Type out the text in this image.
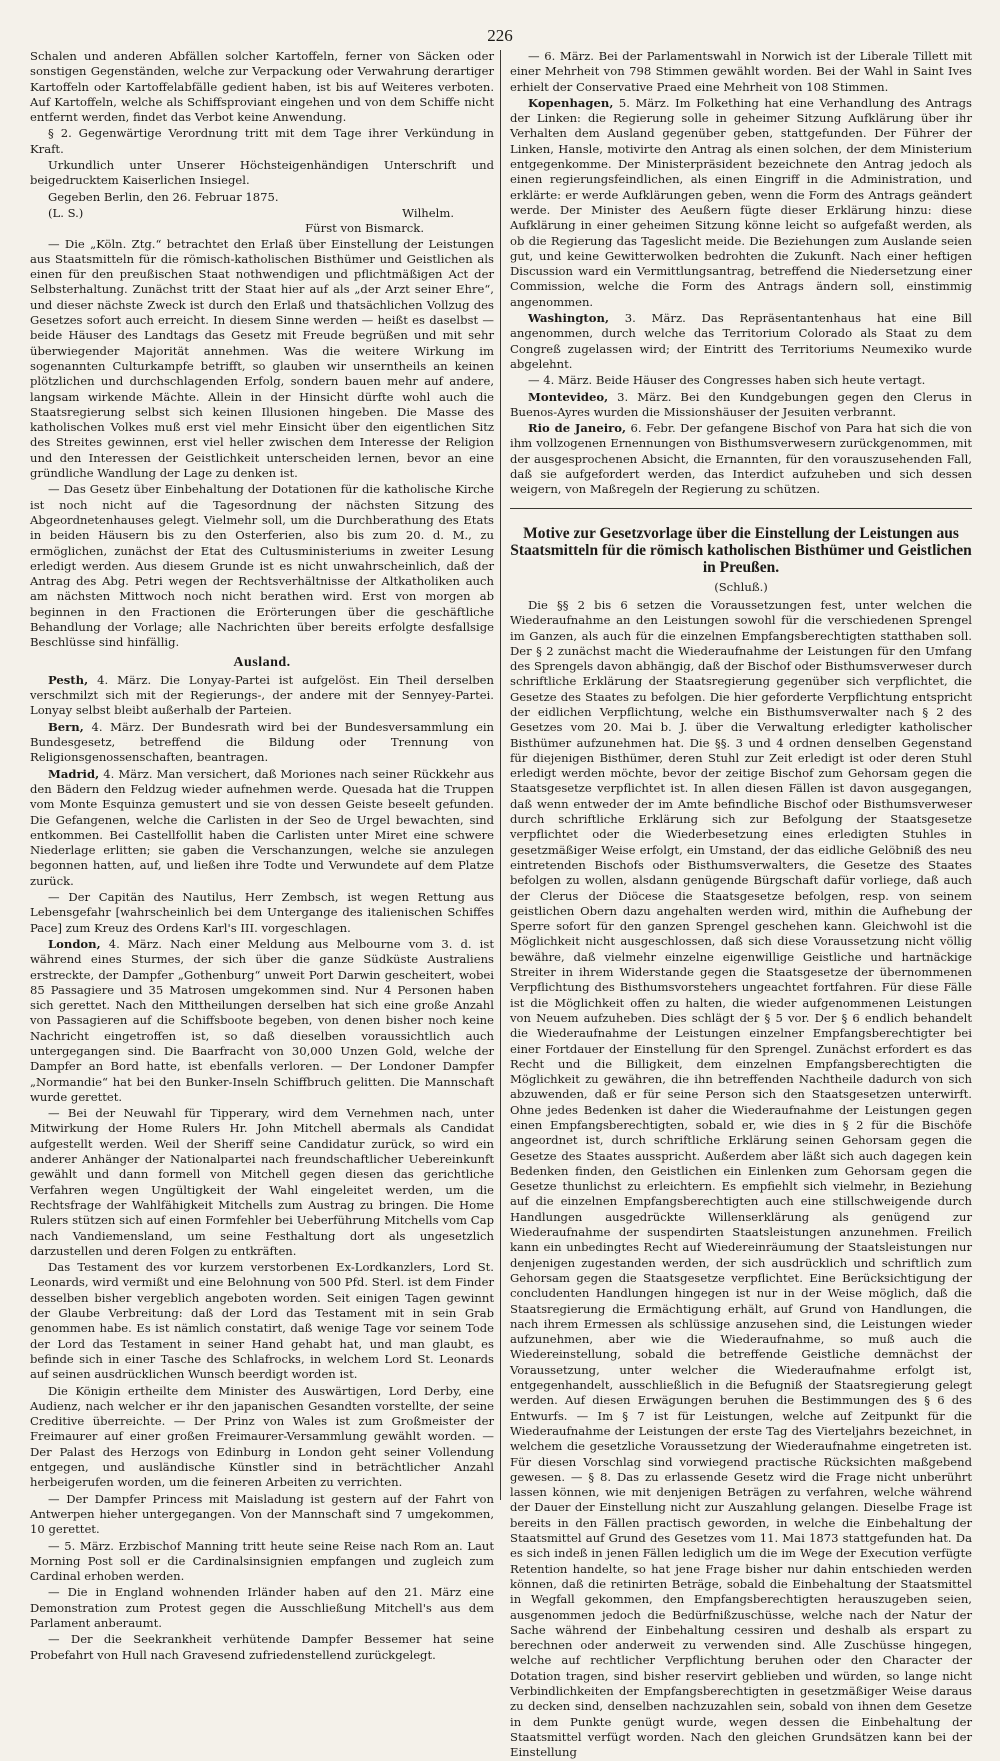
226

Schalen und anderen Abfällen solcher Kartoffeln, ferner von Säcken oder sonstigen Gegenständen, welche zur Verpackung oder Verwahrung derartiger Kartoffeln oder Kartoffelabfälle gedient haben, ist bis auf Weiteres verboten. Auf Kartoffeln, welche als Schiffsproviant eingehen und von dem Schiffe nicht entfernt werden, findet das Verbot keine Anwendung.

§ 2. Gegenwärtige Verordnung tritt mit dem Tage ihrer Verkündung in Kraft.

Urkundlich unter Unserer Höchsteigenhändigen Unterschrift und beigedrucktem Kaiserlichen Insiegel.

Gegeben Berlin, den 26. Februar 1875.

(L. S.)	Wilhelm.
Fürst von Bismarck.

— Die „Köln. Ztg.“ betrachtet den Erlaß über Einstellung der Leistungen aus Staatsmitteln für die römisch-katholischen Bisthümer und Geistlichen als einen für den preußischen Staat nothwendigen und pflichtmäßigen Act der Selbsterhaltung. Zunächst tritt der Staat hier auf als „der Arzt seiner Ehre“, und dieser nächste Zweck ist durch den Erlaß und thatsächlichen Vollzug des Gesetzes sofort auch erreicht. In diesem Sinne werden — heißt es daselbst — beide Häuser des Landtags das Gesetz mit Freude begrüßen und mit sehr überwiegender Majorität annehmen. Was die weitere Wirkung im sogenannten Culturkampfe betrifft, so glauben wir unserntheils an keinen plötzlichen und durchschlagenden Erfolg, sondern bauen mehr auf andere, langsam wirkende Mächte. Allein in der Hinsicht dürfte wohl auch die Staatsregierung selbst sich keinen Illusionen hingeben. Die Masse des katholischen Volkes muß erst viel mehr Einsicht über den eigentlichen Sitz des Streites gewinnen, erst viel heller zwischen dem Interesse der Religion und den Interessen der Geistlichkeit unterscheiden lernen, bevor an eine gründliche Wandlung der Lage zu denken ist.

— Das Gesetz über Einbehaltung der Dotationen für die katholische Kirche ist noch nicht auf die Tagesordnung der nächsten Sitzung des Abgeordnetenhauses gelegt. Vielmehr soll, um die Durchberathung des Etats in beiden Häusern bis zu den Osterferien, also bis zum 20. d. M., zu ermöglichen, zunächst der Etat des Cultusministeriums in zweiter Lesung erledigt werden. Aus diesem Grunde ist es nicht unwahrscheinlich, daß der Antrag des Abg. Petri wegen der Rechtsverhältnisse der Altkatholiken auch am nächsten Mittwoch noch nicht berathen wird. Erst von morgen ab beginnen in den Fractionen die Erörterungen über die geschäftliche Behandlung der Vorlage; alle Nachrichten über bereits erfolgte desfallsige Beschlüsse sind hinfällig.

Ausland.

Pesth, 4. März. Die Lonyay-Partei ist aufgelöst. Ein Theil derselben verschmilzt sich mit der Regierungs-, der andere mit der Sennyey-Partei. Lonyay selbst bleibt außerhalb der Parteien.

Bern, 4. März. Der Bundesrath wird bei der Bundesversammlung ein Bundesgesetz, betreffend die Bildung oder Trennung von Religionsgenossenschaften, beantragen.

Madrid, 4. März. Man versichert, daß Moriones nach seiner Rückkehr aus den Bädern den Feldzug wieder aufnehmen werde. Quesada hat die Truppen vom Monte Esquinza gemustert und sie von dessen Geiste beseelt gefunden. Die Gefangenen, welche die Carlisten in der Seo de Urgel bewachten, sind entkommen. Bei Castellfollit haben die Carlisten unter Miret eine schwere Niederlage erlitten; sie gaben die Verschanzungen, welche sie anzulegen begonnen hatten, auf, und ließen ihre Todte und Verwundete auf dem Platze zurück.

— Der Capitän des Nautilus, Herr Zembsch, ist wegen Rettung aus Lebensgefahr [wahrscheinlich bei dem Untergange des italienischen Schiffes Pace] zum Kreuz des Ordens Karl's III. vorgeschlagen.

London, 4. März. Nach einer Meldung aus Melbourne vom 3. d. ist während eines Sturmes, der sich über die ganze Südküste Australiens erstreckte, der Dampfer „Gothenburg“ unweit Port Darwin gescheitert, wobei 85 Passagiere und 35 Matrosen umgekommen sind. Nur 4 Personen haben sich gerettet. Nach den Mittheilungen derselben hat sich eine große Anzahl von Passagieren auf die Schiffsboote begeben, von denen bisher noch keine Nachricht eingetroffen ist, so daß dieselben voraussichtlich auch untergegangen sind. Die Baarfracht von 30,000 Unzen Gold, welche der Dampfer an Bord hatte, ist ebenfalls verloren. — Der Londoner Dampfer „Normandie“ hat bei den Bunker-Inseln Schiffbruch gelitten. Die Mannschaft wurde gerettet.

— Bei der Neuwahl für Tipperary, wird dem Vernehmen nach, unter Mitwirkung der Home Rulers Hr. John Mitchell abermals als Candidat aufgestellt werden. Weil der Sheriff seine Candidatur zurück, so wird ein anderer Anhänger der Nationalpartei nach freundschaftlicher Uebereinkunft gewählt und dann formell von Mitchell gegen diesen das gerichtliche Verfahren wegen Ungültigkeit der Wahl eingeleitet werden, um die Rechtsfrage der Wahlfähigkeit Mitchells zum Austrag zu bringen. Die Home Rulers stützen sich auf einen Formfehler bei Ueberführung Mitchells vom Cap nach Vandiemensland, um seine Festhaltung dort als ungesetzlich darzustellen und deren Folgen zu entkräften.

Das Testament des vor kurzem verstorbenen Ex-Lordkanzlers, Lord St. Leonards, wird vermißt und eine Belohnung von 500 Pfd. Sterl. ist dem Finder desselben bisher vergeblich angeboten worden. Seit einigen Tagen gewinnt der Glaube Verbreitung: daß der Lord das Testament mit in sein Grab genommen habe. Es ist nämlich constatirt, daß wenige Tage vor seinem Tode der Lord das Testament in seiner Hand gehabt hat, und man glaubt, es befinde sich in einer Tasche des Schlafrocks, in welchem Lord St. Leonards auf seinen ausdrücklichen Wunsch beerdigt worden ist.

Die Königin ertheilte dem Minister des Auswärtigen, Lord Derby, eine Audienz, nach welcher er ihr den japanischen Gesandten vorstellte, der seine Creditive überreichte. — Der Prinz von Wales ist zum Großmeister der Freimaurer auf einer großen Freimaurer-Versammlung gewählt worden. — Der Palast des Herzogs von Edinburg in London geht seiner Vollendung entgegen, und ausländische Künstler sind in beträchtlicher Anzahl herbeigerufen worden, um die feineren Arbeiten zu verrichten.

— Der Dampfer Princess mit Maisladung ist gestern auf der Fahrt von Antwerpen hieher untergegangen. Von der Mannschaft sind 7 umgekommen, 10 gerettet.

— 5. März. Erzbischof Manning tritt heute seine Reise nach Rom an. Laut Morning Post soll er die Cardinalsinsignien empfangen und zugleich zum Cardinal erhoben werden.

— Die in England wohnenden Irländer haben auf den 21. März eine Demonstration zum Protest gegen die Ausschließung Mitchell's aus dem Parlament anberaumt.

— Der die Seekrankheit verhütende Dampfer Bessemer hat seine Probefahrt von Hull nach Gravesend zufriedenstellend zurückgelegt.

— 6. März. Bei der Parlamentswahl in Norwich ist der Liberale Tillett mit einer Mehrheit von 798 Stimmen gewählt worden. Bei der Wahl in Saint Ives erhielt der Conservative Praed eine Mehrheit von 108 Stimmen.

Kopenhagen, 5. März. Im Folkething hat eine Verhandlung des Antrags der Linken: die Regierung solle in geheimer Sitzung Aufklärung über ihr Verhalten dem Ausland gegenüber geben, stattgefunden. Der Führer der Linken, Hansle, motivirte den Antrag als einen solchen, der dem Ministerium entgegenkomme. Der Ministerpräsident bezeichnete den Antrag jedoch als einen regierungsfeindlichen, als einen Eingriff in die Administration, und erklärte: er werde Aufklärungen geben, wenn die Form des Antrags geändert werde. Der Minister des Aeußern fügte dieser Erklärung hinzu: diese Aufklärung in einer geheimen Sitzung könne leicht so aufgefaßt werden, als ob die Regierung das Tageslicht meide. Die Beziehungen zum Auslande seien gut, und keine Gewitterwolken bedrohten die Zukunft. Nach einer heftigen Discussion ward ein Vermittlungsantrag, betreffend die Niedersetzung einer Commission, welche die Form des Antrags ändern soll, einstimmig angenommen.

Washington, 3. März. Das Repräsentantenhaus hat eine Bill angenommen, durch welche das Territorium Colorado als Staat zu dem Congreß zugelassen wird; der Eintritt des Territoriums Neumexiko wurde abgelehnt.

— 4. März. Beide Häuser des Congresses haben sich heute vertagt.

Montevideo, 3. März. Bei den Kundgebungen gegen den Clerus in Buenos-Ayres wurden die Missionshäuser der Jesuiten verbrannt.

Rio de Janeiro, 6. Febr. Der gefangene Bischof von Para hat sich die von ihm vollzogenen Ernennungen von Bisthumsverwesern zurückgenommen, mit der ausgesprochenen Absicht, die Ernannten, für den vorauszusehenden Fall, daß sie aufgefordert werden, das Interdict aufzuheben und sich dessen weigern, von Maßregeln der Regierung zu schützen.

Motive zur Gesetzvorlage über die Einstellung der Leistungen aus Staatsmitteln für die römisch katholischen Bisthümer und Geistlichen in Preußen.
(Schluß.)

Die §§ 2 bis 6 setzen die Voraussetzungen fest, unter welchen die Wiederaufnahme an den Leistungen sowohl für die verschiedenen Sprengel im Ganzen, als auch für die einzelnen Empfangsberechtigten statthaben soll. Der § 2 zunächst macht die Wiederaufnahme der Leistungen für den Umfang des Sprengels davon abhängig, daß der Bischof oder Bisthumsverweser durch schriftliche Erklärung der Staatsregierung gegenüber sich verpflichtet, die Gesetze des Staates zu befolgen. Die hier geforderte Verpflichtung entspricht der eidlichen Verpflichtung, welche ein Bisthumsverwalter nach § 2 des Gesetzes vom 20. Mai b. J. über die Verwaltung erledigter katholischer Bisthümer aufzunehmen hat. Die §§. 3 und 4 ordnen denselben Gegenstand für diejenigen Bisthümer, deren Stuhl zur Zeit erledigt ist oder deren Stuhl erledigt werden möchte, bevor der zeitige Bischof zum Gehorsam gegen die Staatsgesetze verpflichtet ist. In allen diesen Fällen ist davon ausgegangen, daß wenn entweder der im Amte befindliche Bischof oder Bisthumsverweser durch schriftliche Erklärung sich zur Befolgung der Staatsgesetze verpflichtet oder die Wiederbesetzung eines erledigten Stuhles in gesetzmäßiger Weise erfolgt, ein Umstand, der das eidliche Gelöbniß des neu eintretenden Bischofs oder Bisthumsverwalters, die Gesetze des Staates befolgen zu wollen, alsdann genügende Bürgschaft dafür vorliege, daß auch der Clerus der Diöcese die Staatsgesetze befolgen, resp. von seinem geistlichen Obern dazu angehalten werden wird, mithin die Aufhebung der Sperre sofort für den ganzen Sprengel geschehen kann. Gleichwohl ist die Möglichkeit nicht ausgeschlossen, daß sich diese Voraussetzung nicht völlig bewähre, daß vielmehr einzelne eigenwillige Geistliche und hartnäckige Streiter in ihrem Widerstande gegen die Staatsgesetze der übernommenen Verpflichtung des Bisthumsvorstehers ungeachtet fortfahren. Für diese Fälle ist die Möglichkeit offen zu halten, die wieder aufgenommenen Leistungen von Neuem aufzuheben. Dies schlägt der § 5 vor. Der § 6 endlich behandelt die Wiederaufnahme der Leistungen einzelner Empfangsberechtigter bei einer Fortdauer der Einstellung für den Sprengel. Zunächst erfordert es das Recht und die Billigkeit, dem einzelnen Empfangsberechtigten die Möglichkeit zu gewähren, die ihn betreffenden Nachtheile dadurch von sich abzuwenden, daß er für seine Person sich den Staatsgesetzen unterwirft. Ohne jedes Bedenken ist daher die Wiederaufnahme der Leistungen gegen einen Empfangsberechtigten, sobald er, wie dies in § 2 für die Bischöfe angeordnet ist, durch schriftliche Erklärung seinen Gehorsam gegen die Gesetze des Staates ausspricht. Außerdem aber läßt sich auch dagegen kein Bedenken finden, den Geistlichen ein Einlenken zum Gehorsam gegen die Gesetze thunlichst zu erleichtern. Es empfiehlt sich vielmehr, in Beziehung auf die einzelnen Empfangsberechtigten auch eine stillschweigende durch Handlungen ausgedrückte Willenserklärung als genügend zur Wiederaufnahme der suspendirten Staatsleistungen anzunehmen. Freilich kann ein unbedingtes Recht auf Wiedereinräumung der Staatsleistungen nur denjenigen zugestanden werden, der sich ausdrücklich und schriftlich zum Gehorsam gegen die Staatsgesetze verpflichtet. Eine Berücksichtigung der concludenten Handlungen hingegen ist nur in der Weise möglich, daß die Staatsregierung die Ermächtigung erhält, auf Grund von Handlungen, die nach ihrem Ermessen als schlüssige anzusehen sind, die Leistungen wieder aufzunehmen, aber wie die Wiederaufnahme, so muß auch die Wiedereinstellung, sobald die betreffende Geistliche demnächst der Voraussetzung, unter welcher die Wiederaufnahme erfolgt ist, entgegenhandelt, ausschließlich in die Befugniß der Staatsregierung gelegt werden. Auf diesen Erwägungen beruhen die Bestimmungen des § 6 des Entwurfs. — Im § 7 ist für Leistungen, welche auf Zeitpunkt für die Wiederaufnahme der Leistungen der erste Tag des Vierteljahrs bezeichnet, in welchem die gesetzliche Voraussetzung der Wiederaufnahme eingetreten ist. Für diesen Vorschlag sind vorwiegend practische Rücksichten maßgebend gewesen. — § 8. Das zu erlassende Gesetz wird die Frage nicht unberührt lassen können, wie mit denjenigen Beträgen zu verfahren, welche während der Dauer der Einstellung nicht zur Auszahlung gelangen. Dieselbe Frage ist bereits in den Fällen practisch geworden, in welche die Einbehaltung der Staatsmittel auf Grund des Gesetzes vom 11. Mai 1873 stattgefunden hat. Da es sich indeß in jenen Fällen lediglich um die im Wege der Execution verfügte Retention handelte, so hat jene Frage bisher nur dahin entschieden werden können, daß die retinirten Beträge, sobald die Einbehaltung der Staatsmittel in Wegfall gekommen, den Empfangsberechtigten herauszugeben seien, ausgenommen jedoch die Bedürfnißzuschüsse, welche nach der Natur der Sache während der Einbehaltung cessiren und deshalb als erspart zu berechnen oder anderweit zu verwenden sind. Alle Zuschüsse hingegen, welche auf rechtlicher Verpflichtung beruhen oder den Character der Dotation tragen, sind bisher reservirt geblieben und würden, so lange nicht Verbindlichkeiten der Empfangsberechtigten in gesetzmäßiger Weise daraus zu decken sind, denselben nachzuzahlen sein, sobald von ihnen dem Gesetze in dem Punkte genügt wurde, wegen dessen die Einbehaltung der Staatsmittel verfügt worden. Nach den gleichen Grundsätzen kann bei der Einstellung
